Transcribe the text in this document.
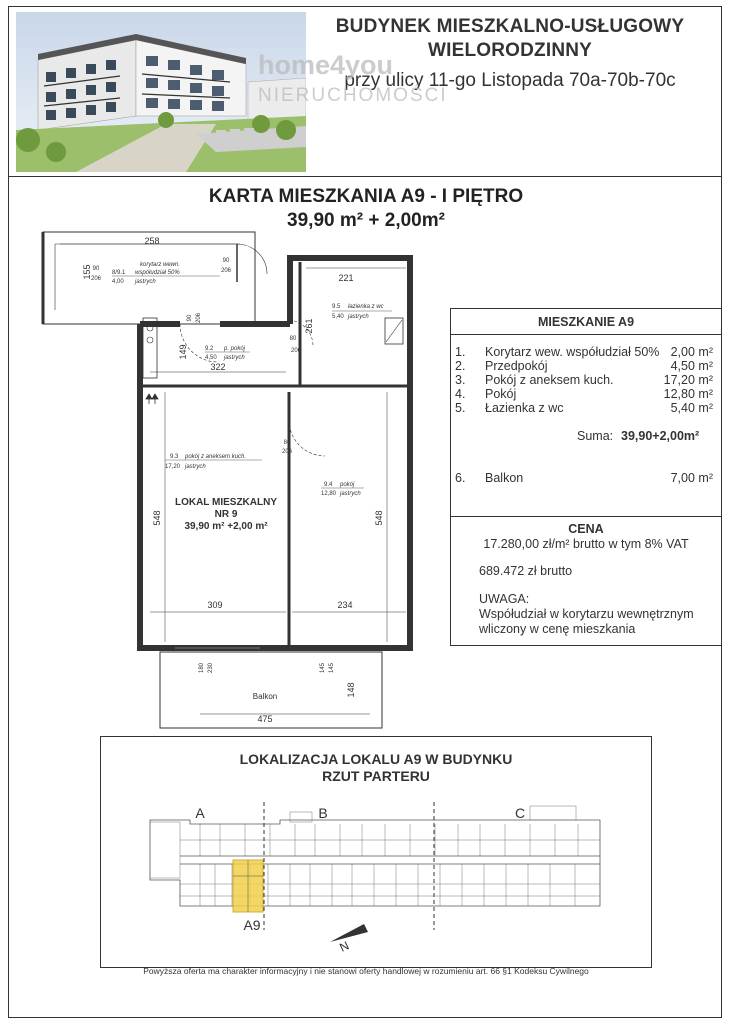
BUDYNEK MIESZKALNO-USŁUGOWY
WIELORODZINNY
przy ulicy 11-go Listopada 70a-70b-70c
home4you
NIERUCHOMOŚCI
KARTA MIESZKANIA A9 - I PIĘTRO
39,90 m² + 2,00m²
258
155 90
206
90
206
221
261
90 206
149
80
206
322
80
206
548	548
309	234
180 230	145 145
148
475
korytarz wewn.
8/9.1 współudział 50%
4,00 jastrych
9.5 łazienka z wc
5,40 jastrych
9.2 p. pokój
4,50 jastrych
9.3 pokój z aneksem kuch.
17,20 jastrych
9.4 pokój
12,80 jastrych
LOKAL MIESZKALNY
NR 9
39,90 m² +2,00 m²
Balkon
MIESZKANIE A9
1. Korytarz wew. współudział 50% 2,00 m²
2. Przedpokój	4,50 m²
3. Pokój z aneksem kuch.	17,20 m²
4. Pokój	12,80 m²
5. Łazienka z wc	5,40 m²
Suma: 39,90+2,00m²
6. Balkon	7,00 m²
CENA
17.280,00 zł/m² brutto w tym 8% VAT
689.472 zł brutto
UWAGA:
Współudział w korytarzu wewnętrznym
wliczony w cenę mieszkania
LOKALIZACJA LOKALU A9 W BUDYNKU
RZUT PARTERU
A	B	C
A9
N
Powyższa oferta ma charakter informacyjny i nie stanowi oferty handlowej w rozumieniu art. 66 §1 Kodeksu Cywilnego
